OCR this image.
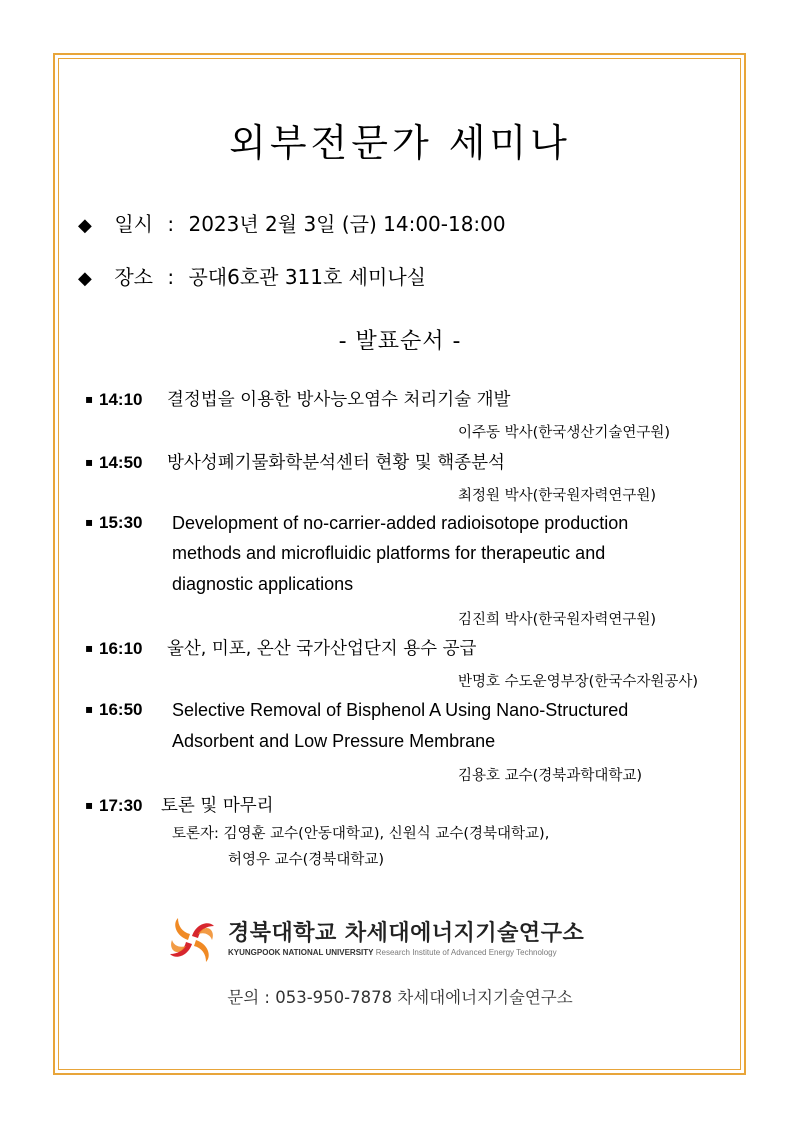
외부전문가 세미나
◆ 일시 : 2023년 2월 3일 (금) 14:00-18:00
◆ 장소 : 공대6호관 311호 세미나실
- 발표순서 -
▪ 14:10 결정법을 이용한 방사능오염수 처리기술 개발
이주동 박사(한국생산기술연구원)
▪ 14:50 방사성폐기물화학분석센터 현황 및 핵종분석
최정원 박사(한국원자력연구원)
▪ 15:30	Development of no-carrier-added radioisotope production
methods and microfluidic platforms for therapeutic and
diagnostic applications
김진희 박사(한국원자력연구원)
▪ 16:10 울산, 미포, 온산 국가산업단지 용수 공급
반명호 수도운영부장(한국수자원공사)
▪ 16:50	Selective Removal of Bisphenol A Using Nano-Structured
Adsorbent and Low Pressure Membrane
김용호 교수(경북과학대학교)
▪ 17:30 토론 및 마무리
토론자: 김영훈 교수(안동대학교), 신원식 교수(경북대학교),
허영우 교수(경북대학교)
경북대학교 차세대에너지기술연구소
KYUNGPOOK NATIONAL UNIVERSITY Research Institute of Advanced Energy Technology
문의 : 053-950-7878 차세대에너지기술연구소
